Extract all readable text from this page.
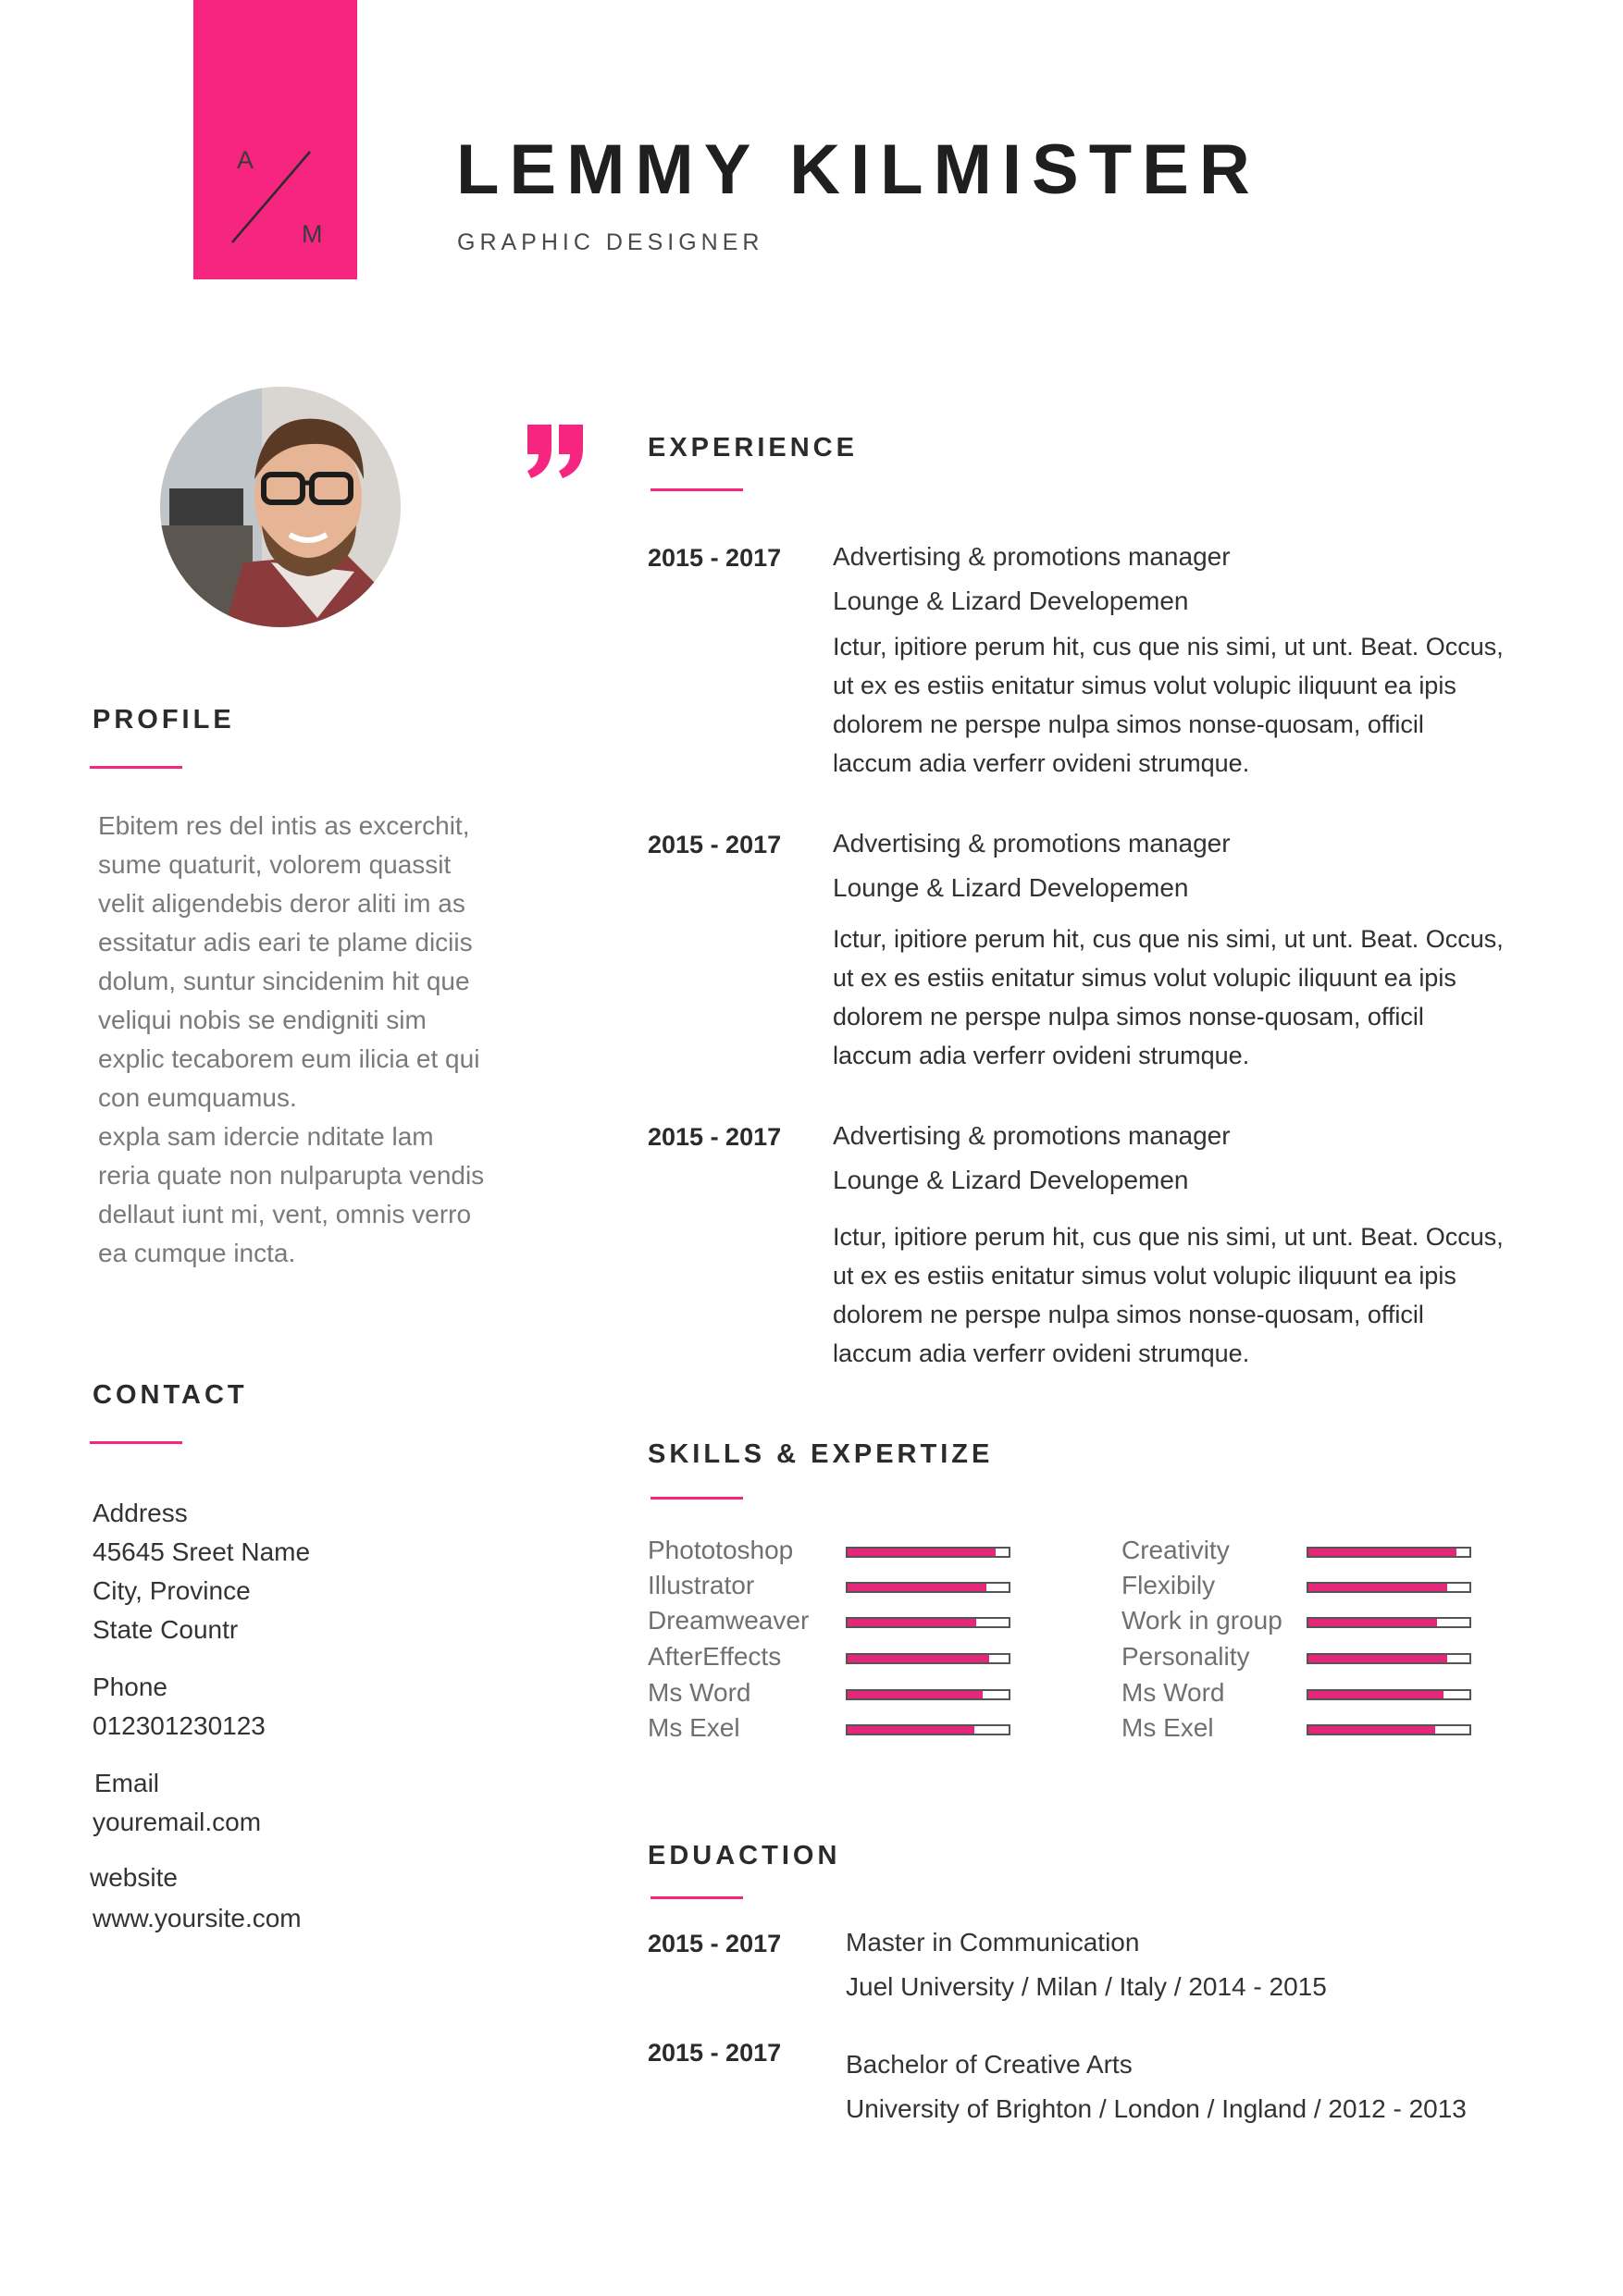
A
M
LEMMY KILMISTER
GRAPHIC DESIGNER
PROFILE
Ebitem res del intis as excerchit,
sume quaturit, volorem quassit
velit aligendebis deror aliti im as
essitatur adis eari te plame diciis
dolum, suntur sincidenim hit que
veliqui nobis se endigniti sim
explic tecaborem eum ilicia et qui
con eumquamus.
expla sam idercie nditate lam
reria quate non nulparupta vendis
dellaut iunt mi, vent, omnis verro
ea cumque incta.
CONTACT
Address
45645 Sreet Name
City, Province
State Countr
Phone
012301230123
Email
youremail.com
website
www.yoursite.com
EXPERIENCE
2015 - 2017 Advertising & promotions manager
Lounge & Lizard Developemen
Ictur, ipitiore perum hit, cus que nis simi, ut unt. Beat. Occus, ut ex es estiis enitatur simus volut volupic iliquunt ea ipis dolorem ne perspe nulpa simos nonse-quosam, officil laccum adia verferr ovideni strumque.
2015 - 2017 Advertising & promotions manager
Lounge & Lizard Developemen
Ictur, ipitiore perum hit, cus que nis simi, ut unt. Beat. Occus, ut ex es estiis enitatur simus volut volupic iliquunt ea ipis dolorem ne perspe nulpa simos nonse-quosam, officil laccum adia verferr ovideni strumque.
2015 - 2017 Advertising & promotions manager
Lounge & Lizard Developemen
Ictur, ipitiore perum hit, cus que nis simi, ut unt. Beat. Occus, ut ex es estiis enitatur simus volut volupic iliquunt ea ipis dolorem ne perspe nulpa simos nonse-quosam, officil laccum adia verferr ovideni strumque.
SKILLS & EXPERTIZE
Phototoshop
Illustrator
Dreamweaver
AfterEffects
Ms Word
Ms Exel
Creativity
Flexibily
Work in group
Personality
Ms Word
Ms Exel
EDUACTION
2015 - 2017 Master in Communication
Juel University / Milan / Italy / 2014 - 2015
2015 - 2017 Bachelor of Creative Arts
University of Brighton / London / Ingland / 2012 - 2013
